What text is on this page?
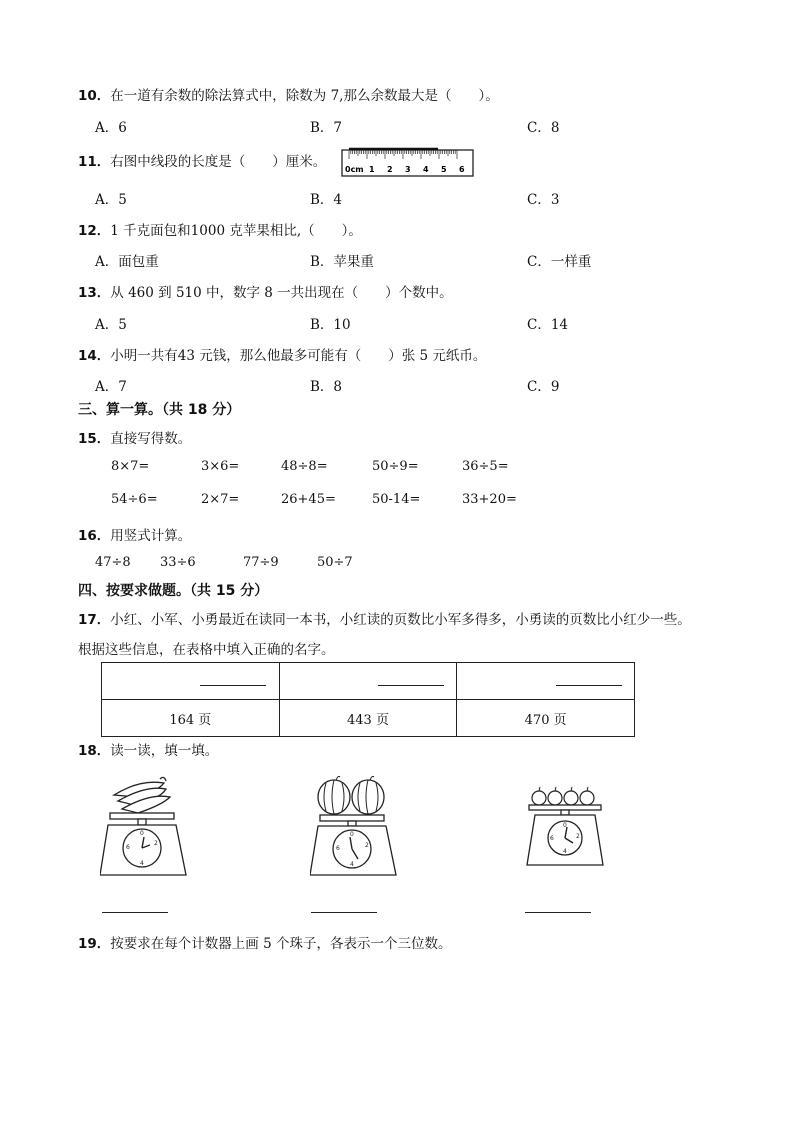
10．在一道有余数的除法算式中，除数为 7,那么余数最大是（　　）。
A．6	B．7	C．8
11．右图中线段的长度是（　　）厘米。 0cm 1 2 3 4 5 6
A．5	B．4	C．3
12．1 千克面包和1000 克苹果相比,（　　）。
A．面包重	B．苹果重	C．一样重
13．从 460 到 510 中，数字 8 一共出现在（　　）个数中。
A．5	B．10	C．14
14．小明一共有43 元钱，那么他最多可能有（　　）张 5 元纸币。
A．7	B．8	C．9
三、算一算。（共 18 分）
15．直接写得数。
8×7=	3×6=	48÷8=	50÷9=	36÷5=
54÷6=	2×7=	26+45=	50-14=	33+20=
16．用竖式计算。
47÷8 33÷6	77÷9	50÷7
四、按要求做题。（共 15 分）
17．小红、小军、小勇最近在读同一本书，小红读的页数比小军多得多，小勇读的页数比小红少一些。
根据这些信息，在表格中填入正确的名字。

164 页	443 页	470 页
18．读一读，填一填。
0
2
4
6
0
2
4
6
0
2
4
6
19．按要求在每个计数器上画 5 个珠子，各表示一个三位数。
